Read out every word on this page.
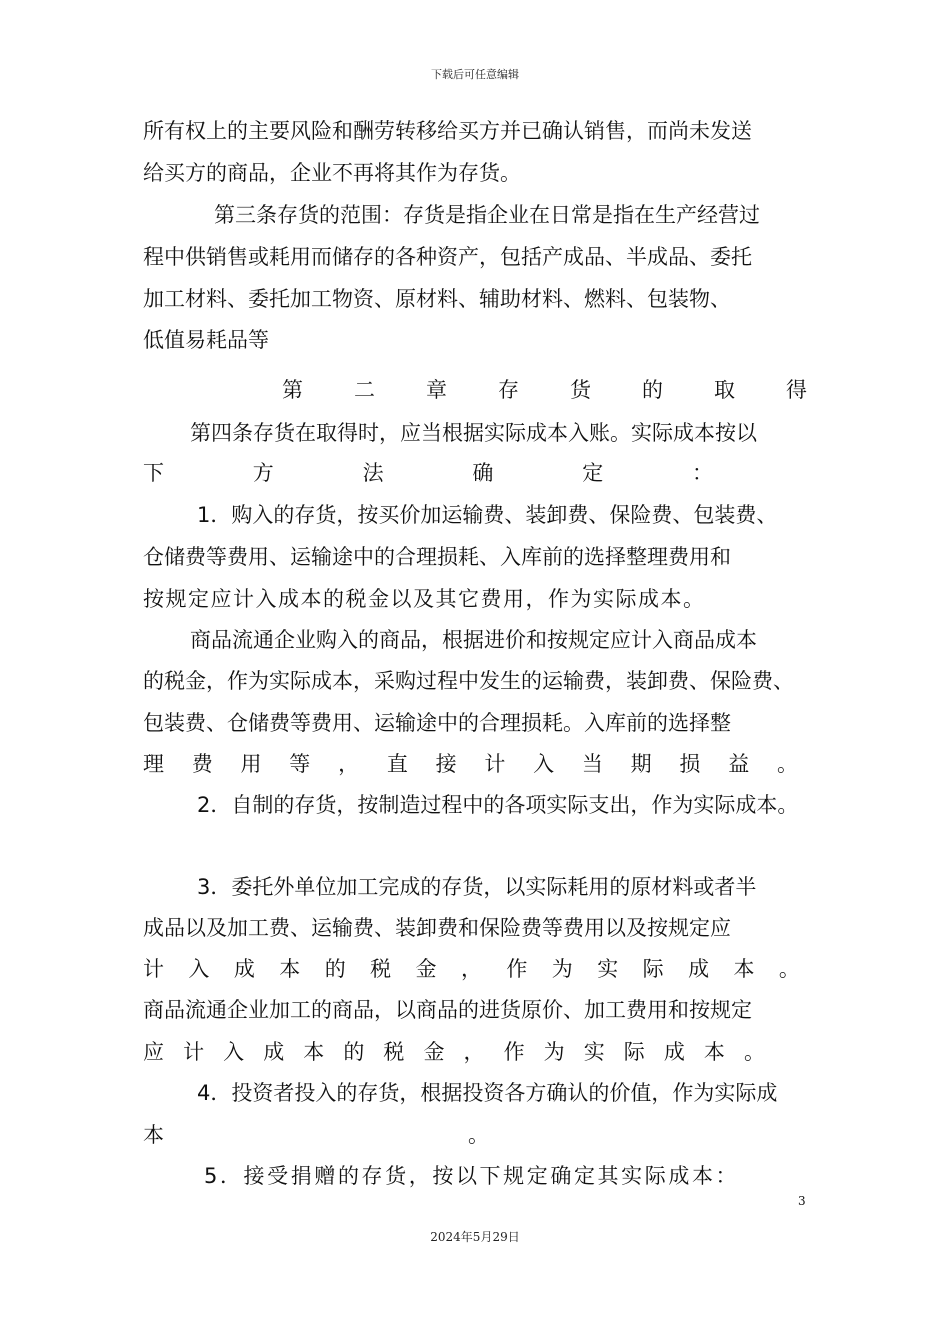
下载后可任意编辑
所有权上的主要风险和酬劳转移给买方并已确认销售，而尚未发送
给买方的商品，企业不再将其作为存货。
第三条存货的范围：存货是指企业在日常是指在生产经营过
程中供销售或耗用而储存的各种资产，包括产成品、半成品、委托
加工材料、委托加工物资、原材料、辅助材料、燃料、包装物、
低值易耗品等
第 二 章 存 货 的 取 得
第四条存货在取得时，应当根据实际成本入账。实际成本按以
下	方	法	确	定	：
1．购入的存货，按买价加运输费、装卸费、保险费、包装费、
仓储费等费用、运输途中的合理损耗、入库前的选择整理费用和
按规定应计入成本的税金以及其它费用，作为实际成本。
商品流通企业购入的商品，根据进价和按规定应计入商品成本
的税金，作为实际成本，采购过程中发生的运输费，装卸费、保险费、
包装费、仓储费等费用、运输途中的合理损耗。入库前的选择整
理 费 用 等 ， 直 接 计 入 当 期 损 益 。
2．自制的存货，按制造过程中的各项实际支出，作为实际成本。
3．委托外单位加工完成的存货，以实际耗用的原材料或者半
成品以及加工费、运输费、装卸费和保险费等费用以及按规定应
计 入 成 本 的 税 金 ， 作 为 实 际 成 本 。
商品流通企业加工的商品，以商品的进货原价、加工费用和按规定
应 计 入 成 本 的 税 金 ， 作 为 实 际 成 本 。
4．投资者投入的存货，根据投资各方确认的价值，作为实际成
本	。
5．接受捐赠的存货，按以下规定确定其实际成本：
3
2024年5月29日
